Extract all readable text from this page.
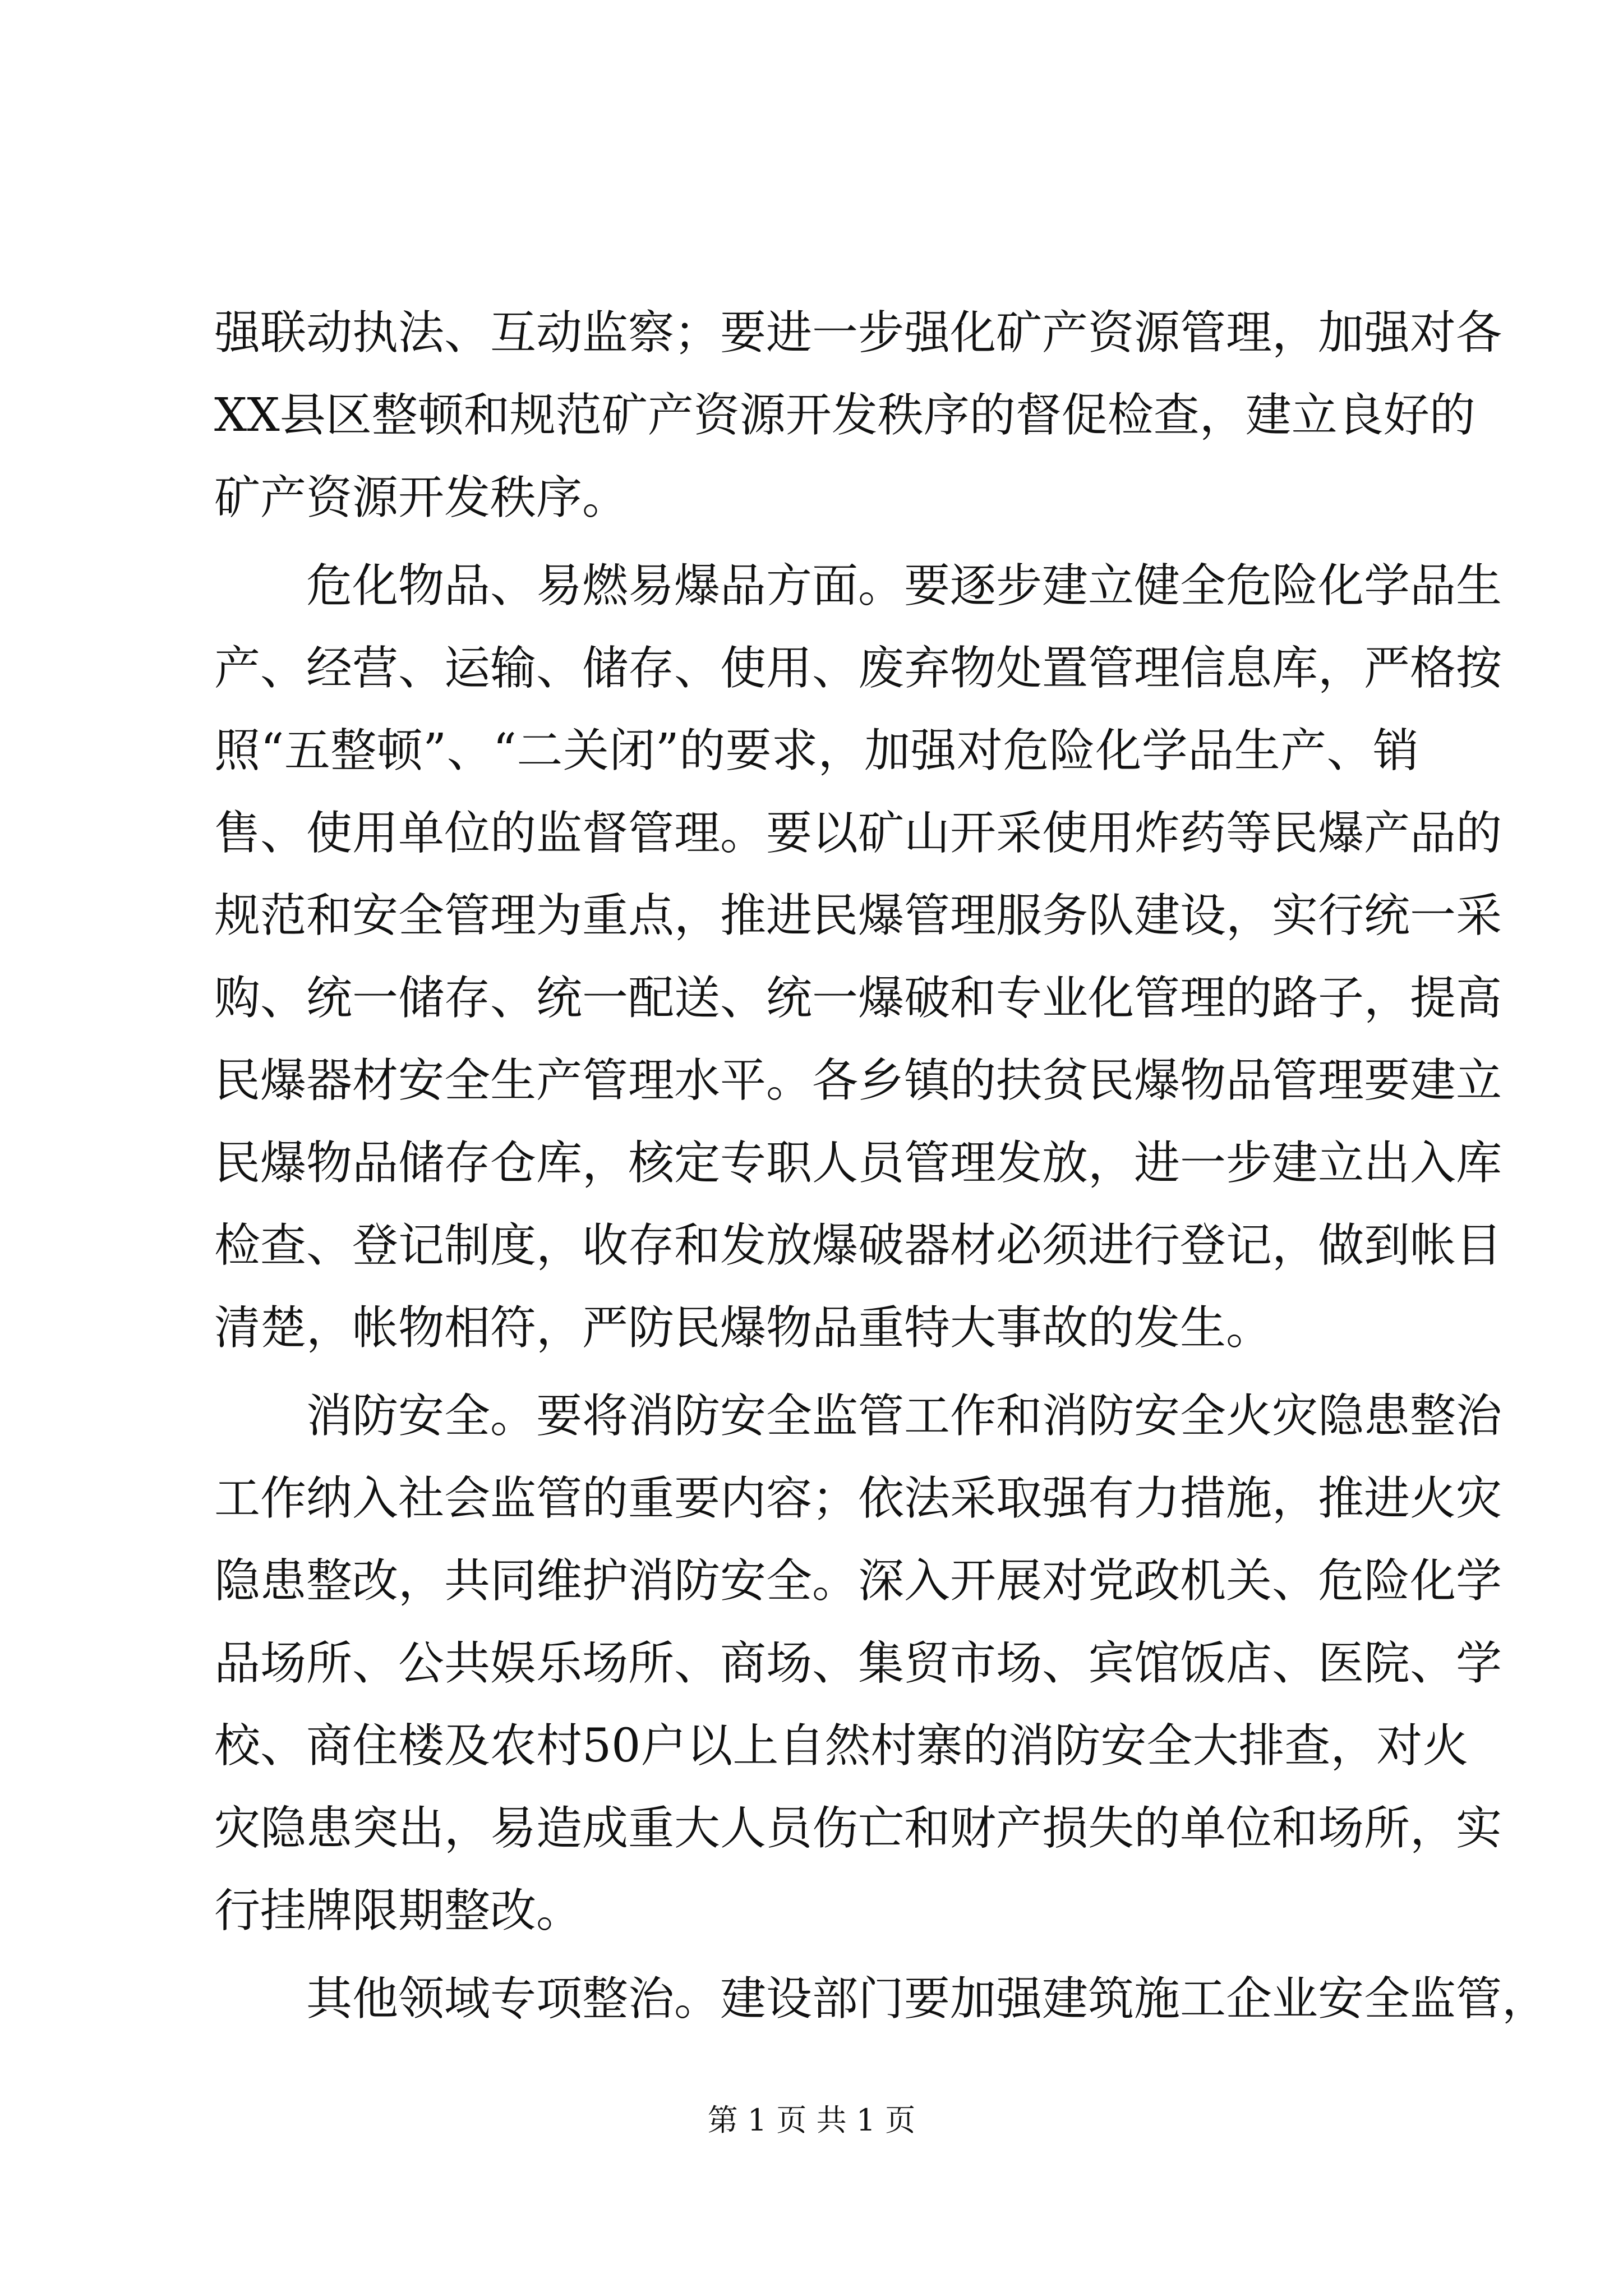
强联动执法、互动监察；要进一步强化矿产资源管理，加强对各
XX县区整顿和规范矿产资源开发秩序的督促检查，建立良好的
矿产资源开发秩序。
危化物品、易燃易爆品方面。要逐步建立健全危险化学品生
产、经营、运输、储存、使用、废弃物处置管理信息库，严格按
照“五整顿”、“二关闭”的要求，加强对危险化学品生产、销
售、使用单位的监督管理。要以矿山开采使用炸药等民爆产品的
规范和安全管理为重点，推进民爆管理服务队建设，实行统一采
购、统一储存、统一配送、统一爆破和专业化管理的路子，提高
民爆器材安全生产管理水平。各乡镇的扶贫民爆物品管理要建立
民爆物品储存仓库，核定专职人员管理发放，进一步建立出入库
检查、登记制度，收存和发放爆破器材必须进行登记，做到帐目
清楚，帐物相符，严防民爆物品重特大事故的发生。
消防安全。要将消防安全监管工作和消防安全火灾隐患整治
工作纳入社会监管的重要内容；依法采取强有力措施，推进火灾
隐患整改，共同维护消防安全。深入开展对党政机关、危险化学
品场所、公共娱乐场所、商场、集贸市场、宾馆饭店、医院、学
校、商住楼及农村50户以上自然村寨的消防安全大排查，对火
灾隐患突出，易造成重大人员伤亡和财产损失的单位和场所，实
行挂牌限期整改。
其他领域专项整治。建设部门要加强建筑施工企业安全监管，
第 1 页 共 1 页
